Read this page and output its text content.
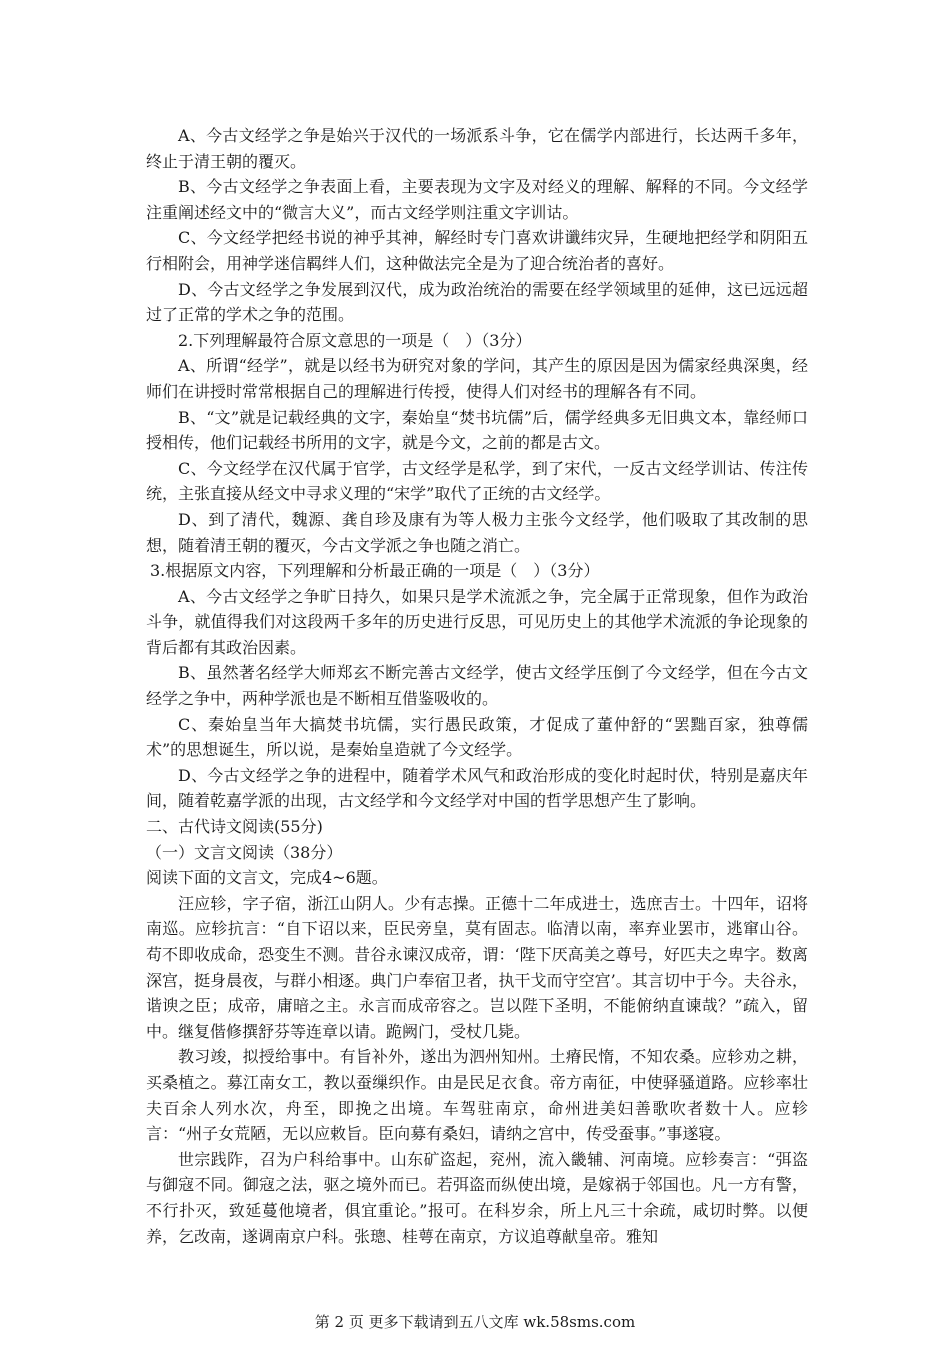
A、今古文经学之争是始兴于汉代的一场派系斗争，它在儒学内部进行，长达两千多年，终止于清王朝的覆灭。
B、今古文经学之争表面上看，主要表现为文字及对经义的理解、解释的不同。今文经学注重阐述经文中的“微言大义”，而古文经学则注重文字训诂。
C、今文经学把经书说的神乎其神，解经时专门喜欢讲谶纬灾异，生硬地把经学和阴阳五行相附会，用神学迷信羁绊人们，这种做法完全是为了迎合统治者的喜好。
D、今古文经学之争发展到汉代，成为政治统治的需要在经学领域里的延伸，这已远远超过了正常的学术之争的范围。
2.下列理解最符合原文意思的一项是（　）（3分）
A、所谓“经学”，就是以经书为研究对象的学问，其产生的原因是因为儒家经典深奥，经师们在讲授时常常根据自己的理解进行传授，使得人们对经书的理解各有不同。
B、“文”就是记载经典的文字，秦始皇“焚书坑儒”后，儒学经典多无旧典文本，靠经师口授相传，他们记载经书所用的文字，就是今文，之前的都是古文。
C、今文经学在汉代属于官学，古文经学是私学，到了宋代，一反古文经学训诂、传注传统，主张直接从经文中寻求义理的“宋学”取代了正统的古文经学。
D、到了清代，魏源、龚自珍及康有为等人极力主张今文经学，他们吸取了其改制的思想，随着清王朝的覆灭，今古文学派之争也随之消亡。
3.根据原文内容，下列理解和分析最正确的一项是（　）（3分）
A、今古文经学之争旷日持久，如果只是学术流派之争，完全属于正常现象，但作为政治斗争，就值得我们对这段两千多年的历史进行反思，可见历史上的其他学术流派的争论现象的背后都有其政治因素。
B、虽然著名经学大师郑玄不断完善古文经学，使古文经学压倒了今文经学，但在今古文经学之争中，两种学派也是不断相互借鉴吸收的。
C、秦始皇当年大搞焚书坑儒，实行愚民政策，才促成了董仲舒的“罢黜百家，独尊儒术”的思想诞生，所以说，是秦始皇造就了今文经学。
D、今古文经学之争的进程中，随着学术风气和政治形成的变化时起时伏，特别是嘉庆年间，随着乾嘉学派的出现，古文经学和今文经学对中国的哲学思想产生了影响。
二、古代诗文阅读(55分)
（一）文言文阅读（38分）
阅读下面的文言文，完成4~6题。
汪应轸，字子宿，浙江山阴人。少有志操。正德十二年成进士，选庶吉士。十四年，诏将南巡。应轸抗言：“自下诏以来，臣民旁皇，莫有固志。临清以南，率弃业罢市，逃窜山谷。苟不即收成命，恐变生不测。昔谷永谏汉成帝，谓：‘陛下厌高美之尊号，好匹夫之卑字。数离深宫，挺身晨夜，与群小相逐。典门户奉宿卫者，执干戈而守空宫’。其言切中于今。夫谷永，谐谀之臣；成帝，庸暗之主。永言而成帝容之。岂以陛下圣明，不能俯纳直谏哉？”疏入，留中。继复偕修撰舒芬等连章以请。跪阙门，受杖几毙。
教习竣，拟授给事中。有旨补外，遂出为泗州知州。土瘠民惰，不知农桑。应轸劝之耕，买桑植之。募江南女工，教以蚕缫织作。由是民足衣食。帝方南征，中使驿骚道路。应轸率壮夫百余人列水次，舟至，即挽之出境。车驾驻南京，命州进美妇善歌吹者数十人。应轸言：“州子女荒陋，无以应敕旨。臣向募有桑妇，请纳之宫中，传受蚕事。”事遂寝。
世宗践阼，召为户科给事中。山东矿盗起，兖州，流入畿辅、河南境。应轸奏言：“弭盗与御寇不同。御寇之法，驱之境外而已。若弭盗而纵使出境，是嫁祸于邻国也。凡一方有警，不行扑灭，致延蔓他境者，俱宜重论。”报可。在科岁余，所上凡三十余疏，咸切时弊。以便养，乞改南，遂调南京户科。张璁、桂萼在南京，方议追尊献皇帝。雅知
第 2 页 更多下载请到五八文库 wk.58sms.com
